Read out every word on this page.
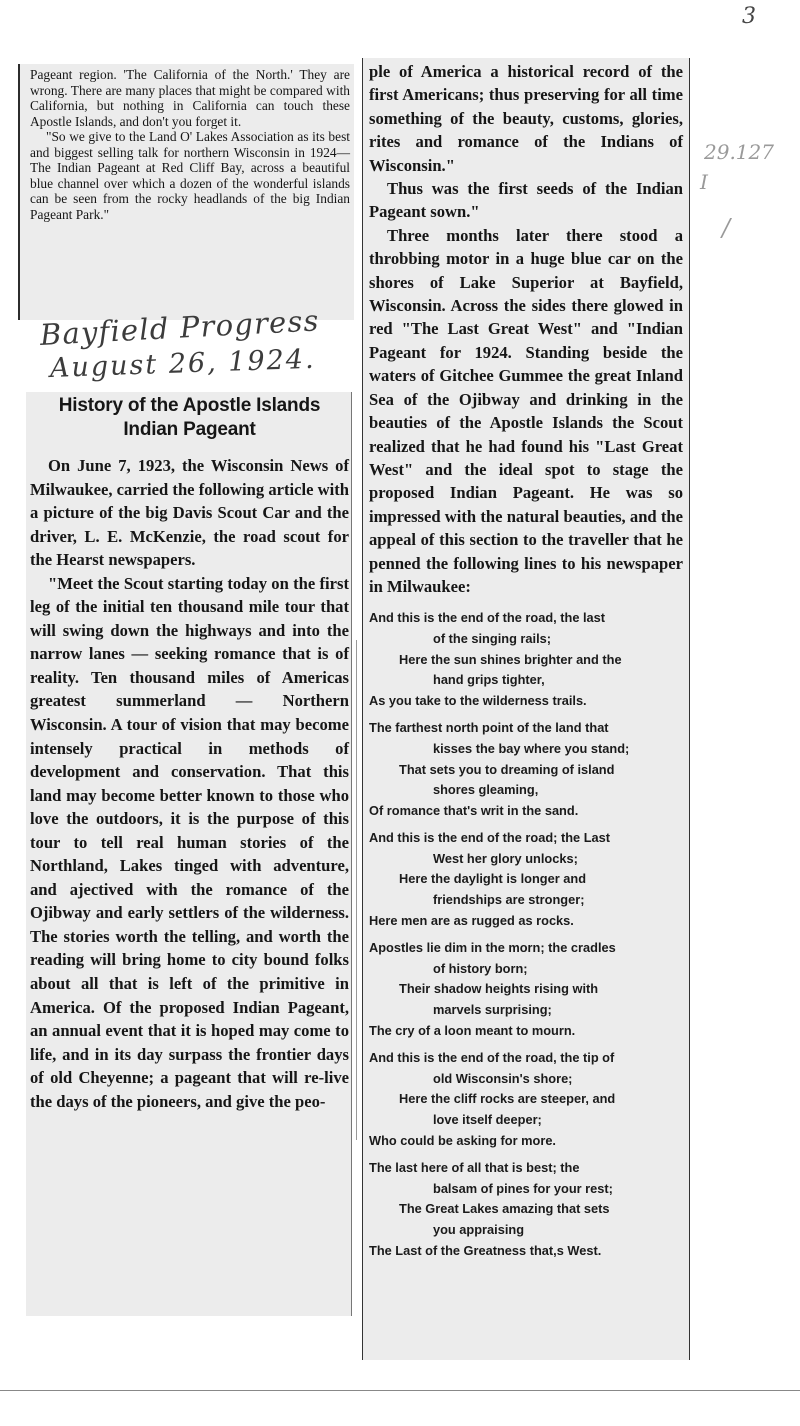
3
29.127
I
/

Pageant region. 'The California of the North.' They are wrong. There are many places that might be compared with California, but nothing in California can touch these Apostle Islands, and don't you forget it.

"So we give to the Land O' Lakes Association as its best and biggest selling talk for northern Wisconsin in 1924—The Indian Pageant at Red Cliff Bay, across a beautiful blue channel over which a dozen of the wonderful islands can be seen from the rocky headlands of the big Indian Pageant Park."

Bayfield Progress
August 26, 1924.
History of the Apostle Islands Indian Pageant

On June 7, 1923, the Wisconsin News of Milwaukee, carried the following article with a picture of the big Davis Scout Car and the driver, L. E. McKenzie, the road scout for the Hearst newspapers.

"Meet the Scout starting today on the first leg of the initial ten thousand mile tour that will swing down the highways and into the narrow lanes — seeking romance that is of reality. Ten thousand miles of Americas greatest summerland — Northern Wisconsin. A tour of vision that may become intensely practical in methods of development and conservation. That this land may become better known to those who love the outdoors, it is the purpose of this tour to tell real human stories of the Northland, Lakes tinged with adventure, and ajectived with the romance of the Ojibway and early settlers of the wilderness. The stories worth the telling, and worth the reading will bring home to city bound folks about all that is left of the primitive in America. Of the proposed Indian Pageant, an annual event that it is hoped may come to life, and in its day surpass the frontier days of old Cheyenne; a pageant that will re-live the days of the pioneers, and give the peo-

ple of America a historical record of the first Americans; thus preserving for all time something of the beauty, customs, glories, rites and romance of the Indians of Wisconsin."

Thus was the first seeds of the Indian Pageant sown."

Three months later there stood a throbbing motor in a huge blue car on the shores of Lake Superior at Bayfield, Wisconsin. Across the sides there glowed in red "The Last Great West" and "Indian Pageant for 1924. Standing beside the waters of Gitchee Gummee the great Inland Sea of the Ojibway and drinking in the beauties of the Apostle Islands the Scout realized that he had found his "Last Great West" and the ideal spot to stage the proposed Indian Pageant. He was so impressed with the natural beauties, and the appeal of this section to the traveller that he penned the following lines to his newspaper in Milwaukee:

And this is the end of the road, the last
of the singing rails;
Here the sun shines brighter and the
hand grips tighter,
As you take to the wilderness trails.
The farthest north point of the land that
kisses the bay where you stand;
That sets you to dreaming of island
shores gleaming,
Of romance that's writ in the sand.
And this is the end of the road; the Last
West her glory unlocks;
Here the daylight is longer and
friendships are stronger;
Here men are as rugged as rocks.
Apostles lie dim in the morn; the cradles
of history born;
Their shadow heights rising with
marvels surprising;
The cry of a loon meant to mourn.
And this is the end of the road, the tip of
old Wisconsin's shore;
Here the cliff rocks are steeper, and
love itself deeper;
Who could be asking for more.
The last here of all that is best; the
balsam of pines for your rest;
The Great Lakes amazing that sets
you appraising
The Last of the Greatness that,s West.
